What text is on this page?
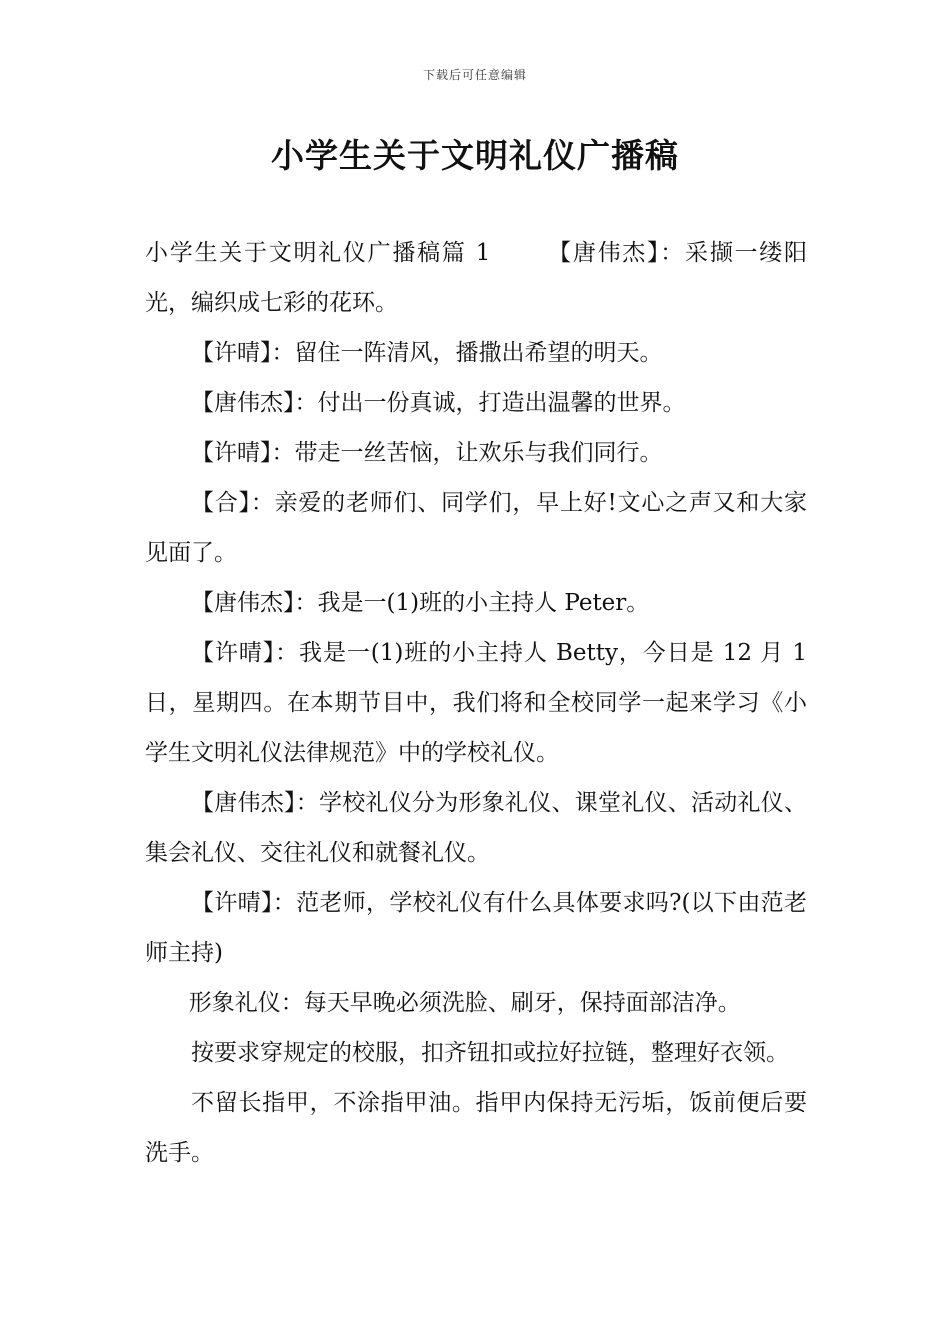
下载后可任意编辑
小学生关于文明礼仪广播稿

小学生关于文明礼仪广播稿篇 1 【唐伟杰】：采撷一缕阳光，编织成七彩的花环。

【许晴】：留住一阵清风，播撒出希望的明天。

【唐伟杰】：付出一份真诚，打造出温馨的世界。

【许晴】：带走一丝苦恼，让欢乐与我们同行。

【合】：亲爱的老师们、同学们，早上好!文心之声又和大家见面了。

【唐伟杰】：我是一(1)班的小主持人 Peter。

【许晴】：我是一(1)班的小主持人 Betty，今日是 12 月 1 日，星期四。在本期节目中，我们将和全校同学一起来学习《小学生文明礼仪法律规范》中的学校礼仪。

【唐伟杰】：学校礼仪分为形象礼仪、课堂礼仪、活动礼仪、集会礼仪、交往礼仪和就餐礼仪。

【许晴】：范老师，学校礼仪有什么具体要求吗?(以下由范老师主持)

形象礼仪：每天早晚必须洗脸、刷牙，保持面部洁净。

按要求穿规定的校服，扣齐钮扣或拉好拉链，整理好衣领。

不留长指甲，不涂指甲油。指甲内保持无污垢，饭前便后要洗手。
